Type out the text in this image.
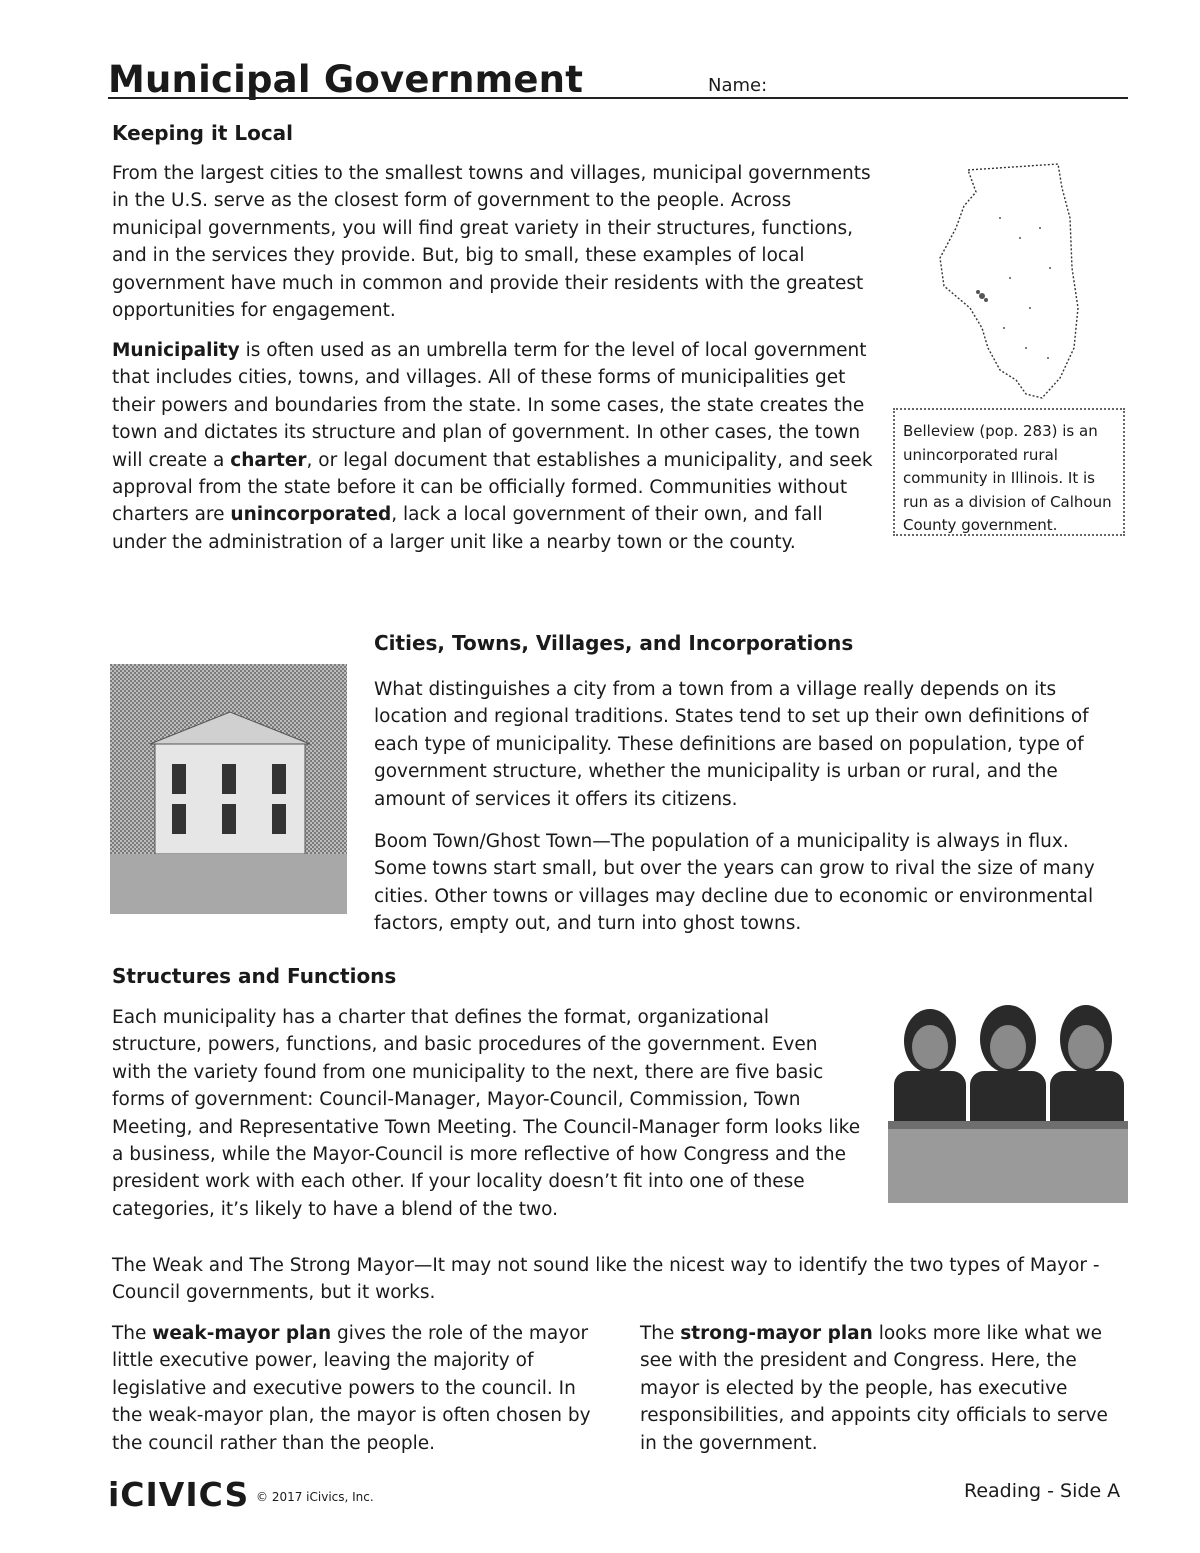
Municipal Government	Name:
Keeping it Local

From the largest cities to the smallest towns and villages, municipal governments in the U.S. serve as the closest form of government to the people. Across municipal governments, you will find great variety in their structures, functions, and in the services they provide. But, big to small, these examples of local government have much in common and provide their residents with the greatest opportunities for engagement.

Municipality is often used as an umbrella term for the level of local government that includes cities, towns, and villages. All of these forms of municipalities get their powers and boundaries from the state. In some cases, the state creates the town and dictates its structure and plan of government. In other cases, the town will create a charter, or legal document that establishes a municipality, and seek approval from the state before it can be officially formed. Communities without charters are unincorporated, lack a local government of their own, and fall under the administration of a larger unit like a nearby town or the county.

Belleview (pop. 283) is an unincorporated rural community in Illinois. It is run as a division of Calhoun County government.
Cities, Towns, Villages, and Incorporations

What distinguishes a city from a town from a village really depends on its location and regional traditions. States tend to set up their own definitions of each type of municipality. These definitions are based on population, type of government structure, whether the municipality is urban or rural, and the amount of services it offers its citizens.

Boom Town/Ghost Town—The population of a municipality is always in flux. Some towns start small, but over the years can grow to rival the size of many cities. Other towns or villages may decline due to economic or environmental factors, empty out, and turn into ghost towns.

Structures and Functions

Each municipality has a charter that defines the format, organizational structure, powers, functions, and basic procedures of the government. Even with the variety found from one municipality to the next, there are five basic forms of government: Council-Manager, Mayor-Council, Commission, Town Meeting, and Representative Town Meeting. The Council-Manager form looks like a business, while the Mayor-Council is more reflective of how Congress and the president work with each other. If your locality doesn’t fit into one of these categories, it’s likely to have a blend of the two.

The Weak and The Strong Mayor—It may not sound like the nicest way to identify the two types of Mayor -Council governments, but it works.

The weak-mayor plan gives the role of the mayor little executive power, leaving the majority of legislative and executive powers to the council. In the weak-mayor plan, the mayor is often chosen by the council rather than the people.

The strong-mayor plan looks more like what we see with the president and Congress. Here, the mayor is elected by the people, has executive responsibilities, and appoints city officials to serve in the government.

iCIVICS © 2017 iCivics, Inc.	Reading - Side A
